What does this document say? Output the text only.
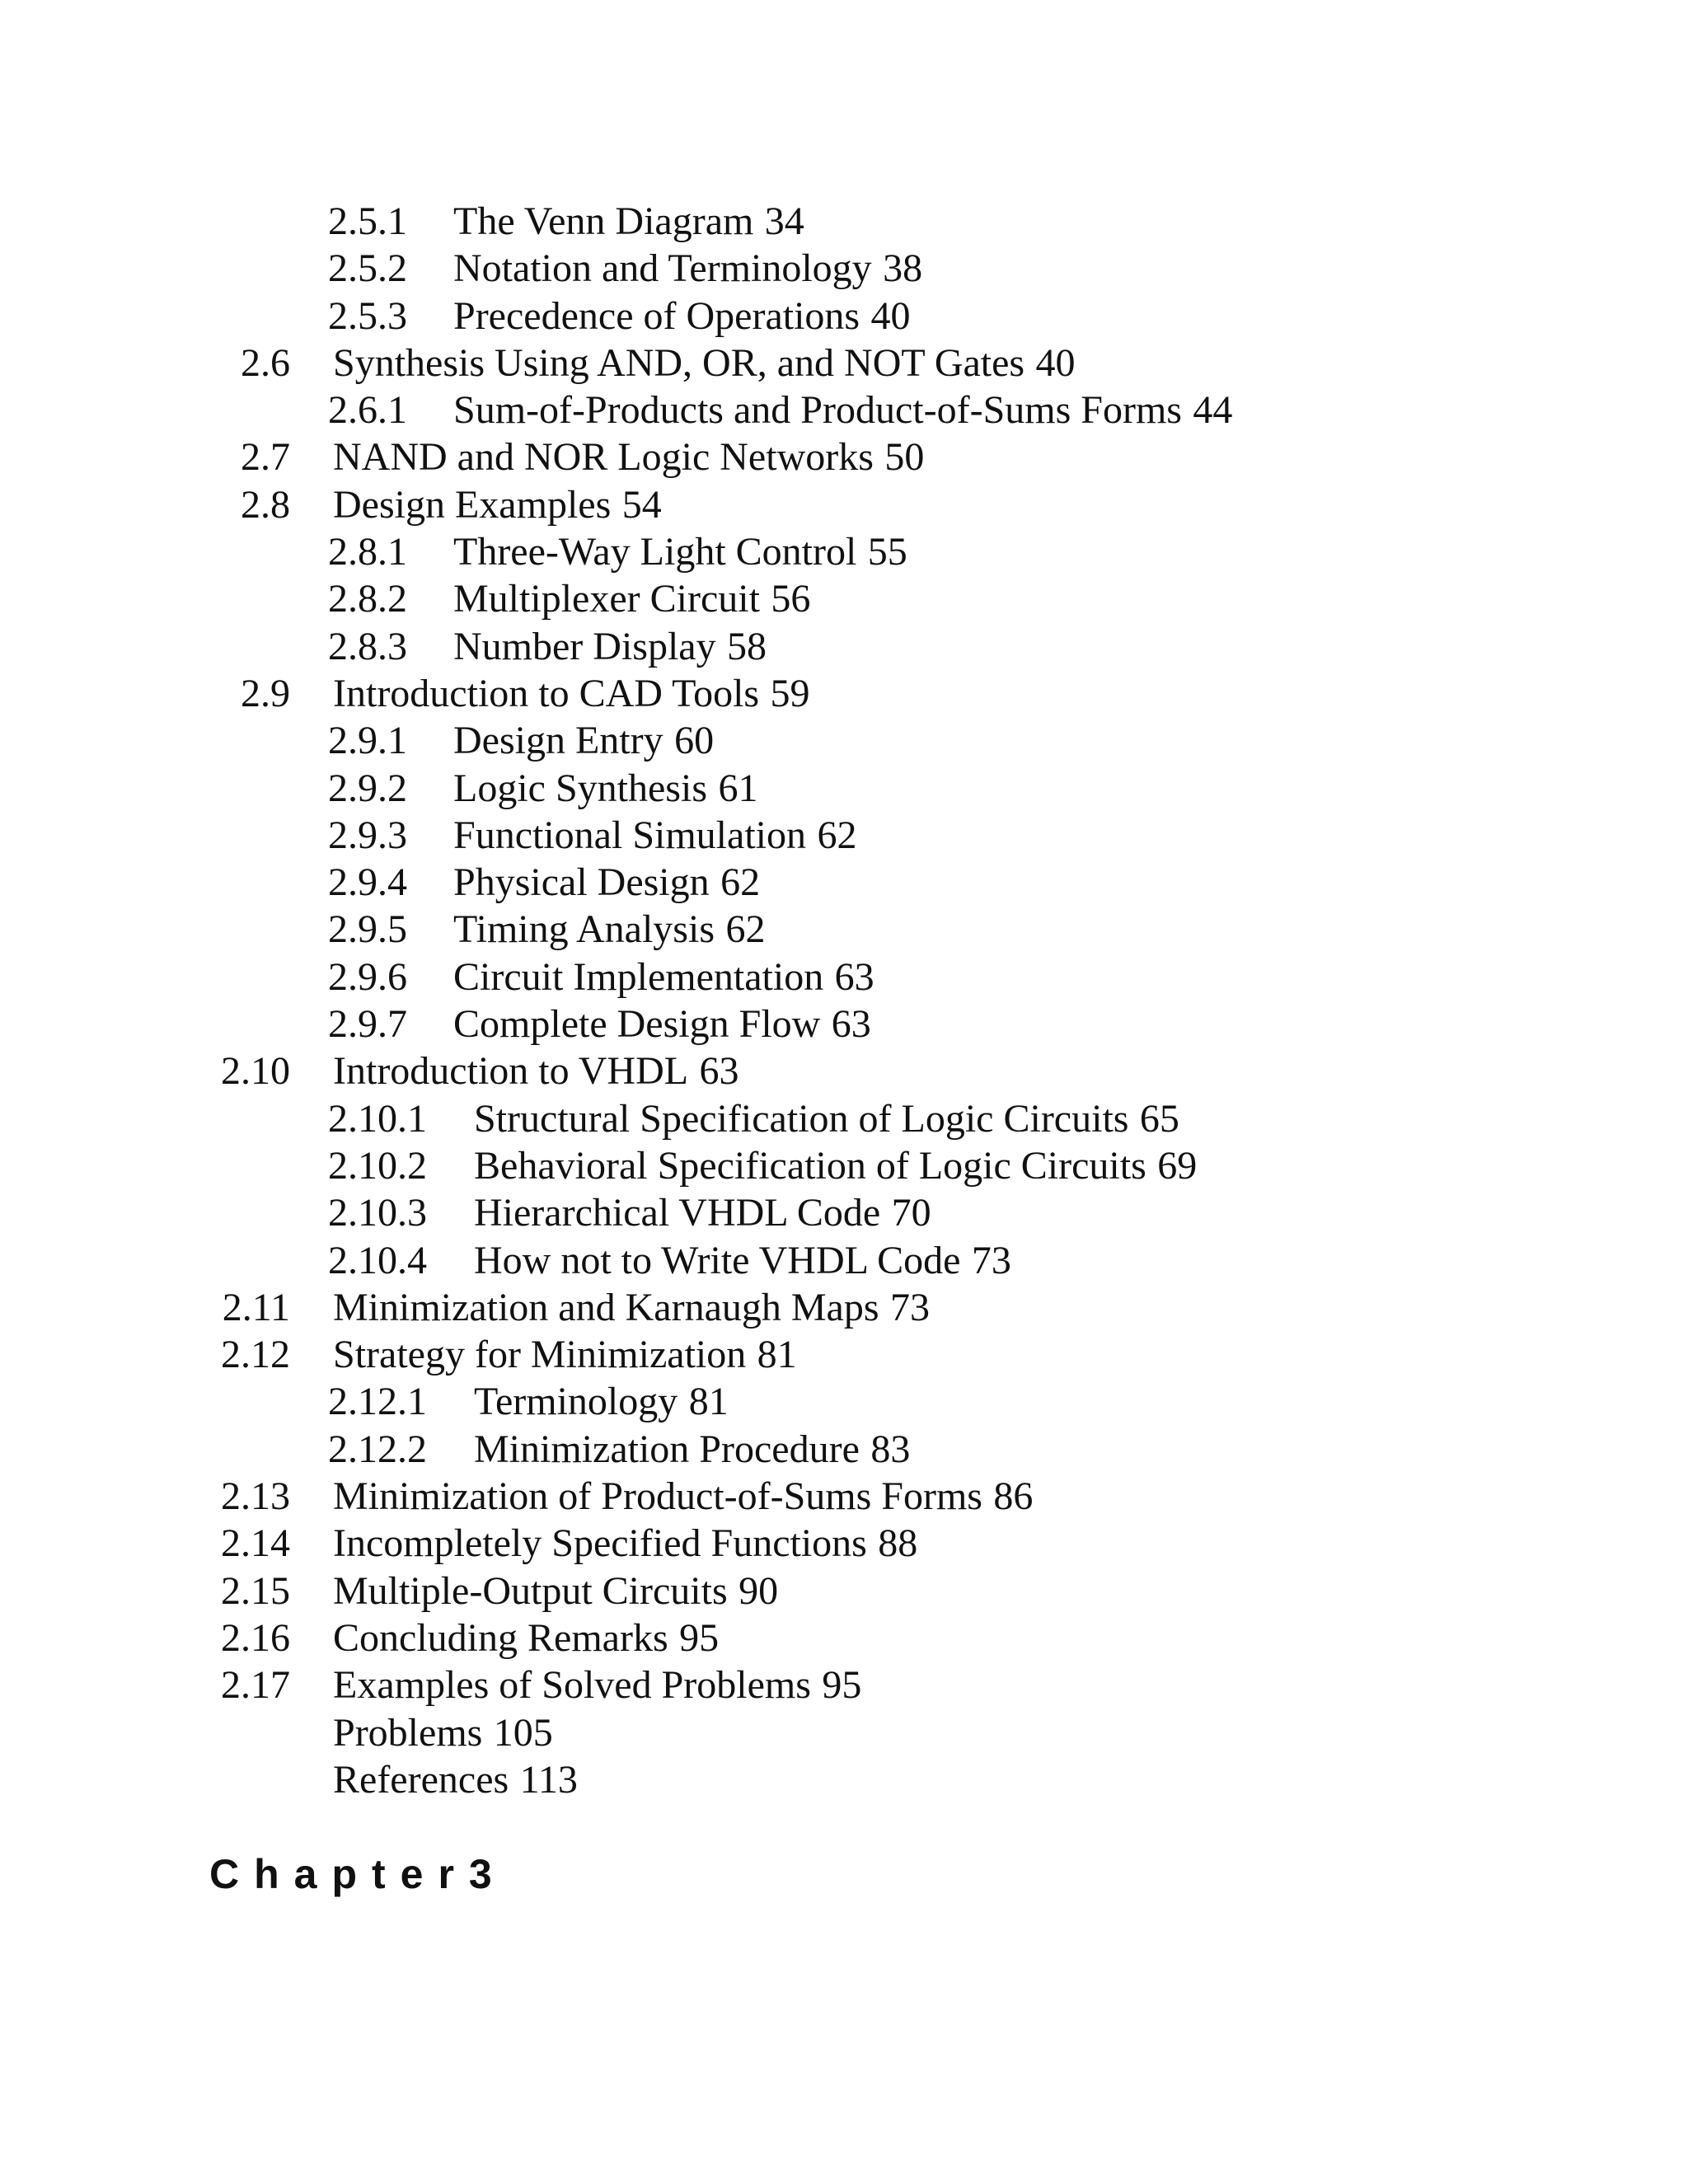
2.5.1 The Venn Diagram 34
2.5.2 Notation and Terminology 38
2.5.3 Precedence of Operations 40
2.6 Synthesis Using AND, OR, and NOT Gates 40
2.6.1 Sum-of-Products and Product-of-Sums Forms 44
2.7 NAND and NOR Logic Networks 50
2.8 Design Examples 54
2.8.1 Three-Way Light Control 55
2.8.2 Multiplexer Circuit 56
2.8.3 Number Display 58
2.9 Introduction to CAD Tools 59
2.9.1 Design Entry 60
2.9.2 Logic Synthesis 61
2.9.3 Functional Simulation 62
2.9.4 Physical Design 62
2.9.5 Timing Analysis 62
2.9.6 Circuit Implementation 63
2.9.7 Complete Design Flow 63
2.10 Introduction to VHDL 63
2.10.1 Structural Specification of Logic Circuits 65
2.10.2 Behavioral Specification of Logic Circuits 69
2.10.3 Hierarchical VHDL Code 70
2.10.4 How not to Write VHDL Code 73
2.11 Minimization and Karnaugh Maps 73
2.12 Strategy for Minimization 81
2.12.1 Terminology 81
2.12.2 Minimization Procedure 83
2.13 Minimization of Product-of-Sums Forms 86
2.14 Incompletely Specified Functions 88
2.15 Multiple-Output Circuits 90
2.16 Concluding Remarks 95
2.17 Examples of Solved Problems 95
Problems 105
References 113
Chapter3
